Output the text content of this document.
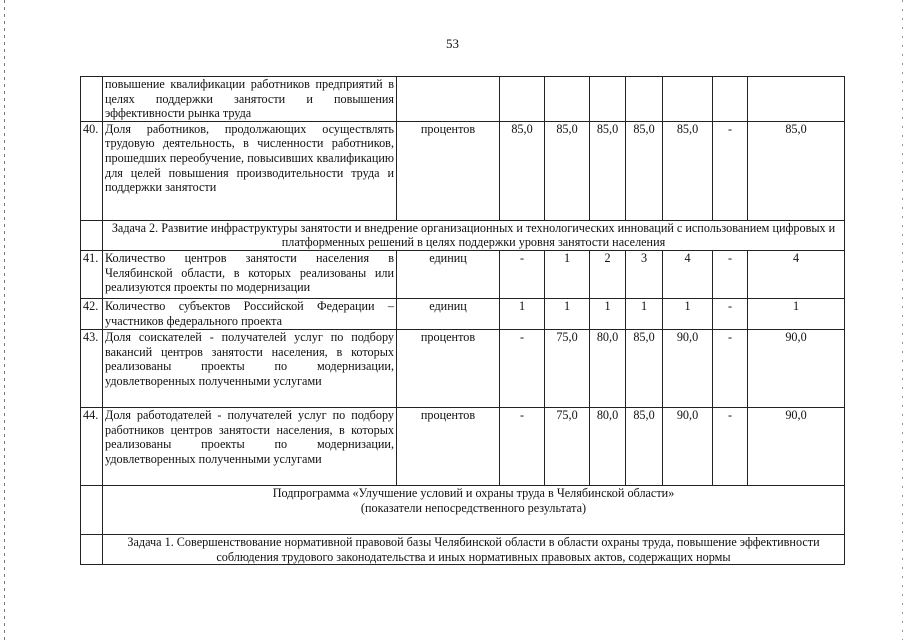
53
	повышение квалификации работников предприятий в целях поддержки занятости и повышения эффективности рынка труда								
40.	Доля работников, продолжающих осуществлять трудовую деятельность, в численности работников, прошедших переобучение, повысивших квалификацию для целей повышения производительности труда и поддержки занятости	процентов	85,0	85,0	85,0	85,0	85,0	-	85,0
	Задача 2. Развитие инфраструктуры занятости и внедрение организационных и технологических инноваций с использованием цифровых и платформенных решений в целях поддержки уровня занятости населения								
41.	Количество центров занятости населения в Челябинской области, в которых реализованы или реализуются проекты по модернизации	единиц	-	1	2	3	4	-	4
42.	Количество субъектов Российской Федерации – участников федерального проекта	единиц	1	1	1	1	1	-	1
43.	Доля соискателей - получателей услуг по подбору вакансий центров занятости населения, в которых реализованы проекты по модернизации, удовлетворенных полученными услугами	процентов	-	75,0	80,0	85,0	90,0	-	90,0
44.	Доля работодателей - получателей услуг по подбору работников центров занятости населения, в которых реализованы проекты по модернизации, удовлетворенных полученными услугами	процентов	-	75,0	80,0	85,0	90,0	-	90,0

	Подпрограмма «Улучшение условий и охраны труда в Челябинской области»
(показатели непосредственного результата)								

	Задача 1. Совершенствование нормативной правовой базы Челябинской области в области охраны труда, повышение эффективности соблюдения трудового законодательства и иных нормативных правовых актов, содержащих нормы								
